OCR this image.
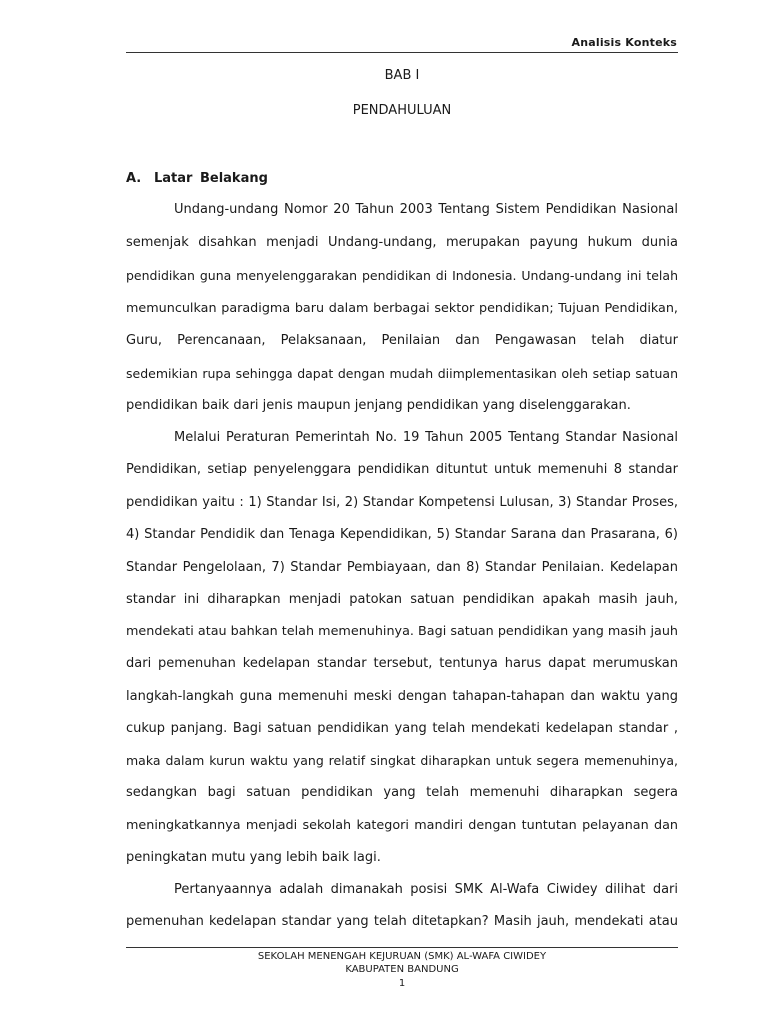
Analisis Konteks
BAB I
PENDAHULUAN
A. Latar Belakang
Undang-undang Nomor 20 Tahun 2003 Tentang Sistem Pendidikan Nasional
semenjak disahkan menjadi Undang-undang, merupakan payung hukum dunia
pendidikan guna menyelenggarakan pendidikan di Indonesia. Undang-undang ini telah
memunculkan paradigma baru dalam berbagai sektor pendidikan; Tujuan Pendidikan,
Guru, Perencanaan, Pelaksanaan, Penilaian dan Pengawasan telah diatur
sedemikian rupa sehingga dapat dengan mudah diimplementasikan oleh setiap satuan
pendidikan baik dari jenis maupun jenjang pendidikan yang diselenggarakan.
Melalui Peraturan Pemerintah No. 19 Tahun 2005 Tentang Standar Nasional
Pendidikan, setiap penyelenggara pendidikan dituntut untuk memenuhi 8 standar
pendidikan yaitu : 1) Standar Isi, 2) Standar Kompetensi Lulusan, 3) Standar Proses,
4) Standar Pendidik dan Tenaga Kependidikan, 5) Standar Sarana dan Prasarana, 6)
Standar Pengelolaan, 7) Standar Pembiayaan, dan 8) Standar Penilaian. Kedelapan
standar ini diharapkan menjadi patokan satuan pendidikan apakah masih jauh,
mendekati atau bahkan telah memenuhinya. Bagi satuan pendidikan yang masih jauh
dari pemenuhan kedelapan standar tersebut, tentunya harus dapat merumuskan
langkah-langkah guna memenuhi meski dengan tahapan-tahapan dan waktu yang
cukup panjang. Bagi satuan pendidikan yang telah mendekati kedelapan standar ,
maka dalam kurun waktu yang relatif singkat diharapkan untuk segera memenuhinya,
sedangkan bagi satuan pendidikan yang telah memenuhi diharapkan segera
meningkatkannya menjadi sekolah kategori mandiri dengan tuntutan pelayanan dan
peningkatan mutu yang lebih baik lagi.
Pertanyaannya adalah dimanakah posisi SMK Al-Wafa Ciwidey dilihat dari
pemenuhan kedelapan standar yang telah ditetapkan? Masih jauh, mendekati atau
SEKOLAH MENENGAH KEJURUAN (SMK) AL-WAFA CIWIDEY
KABUPATEN BANDUNG
1
